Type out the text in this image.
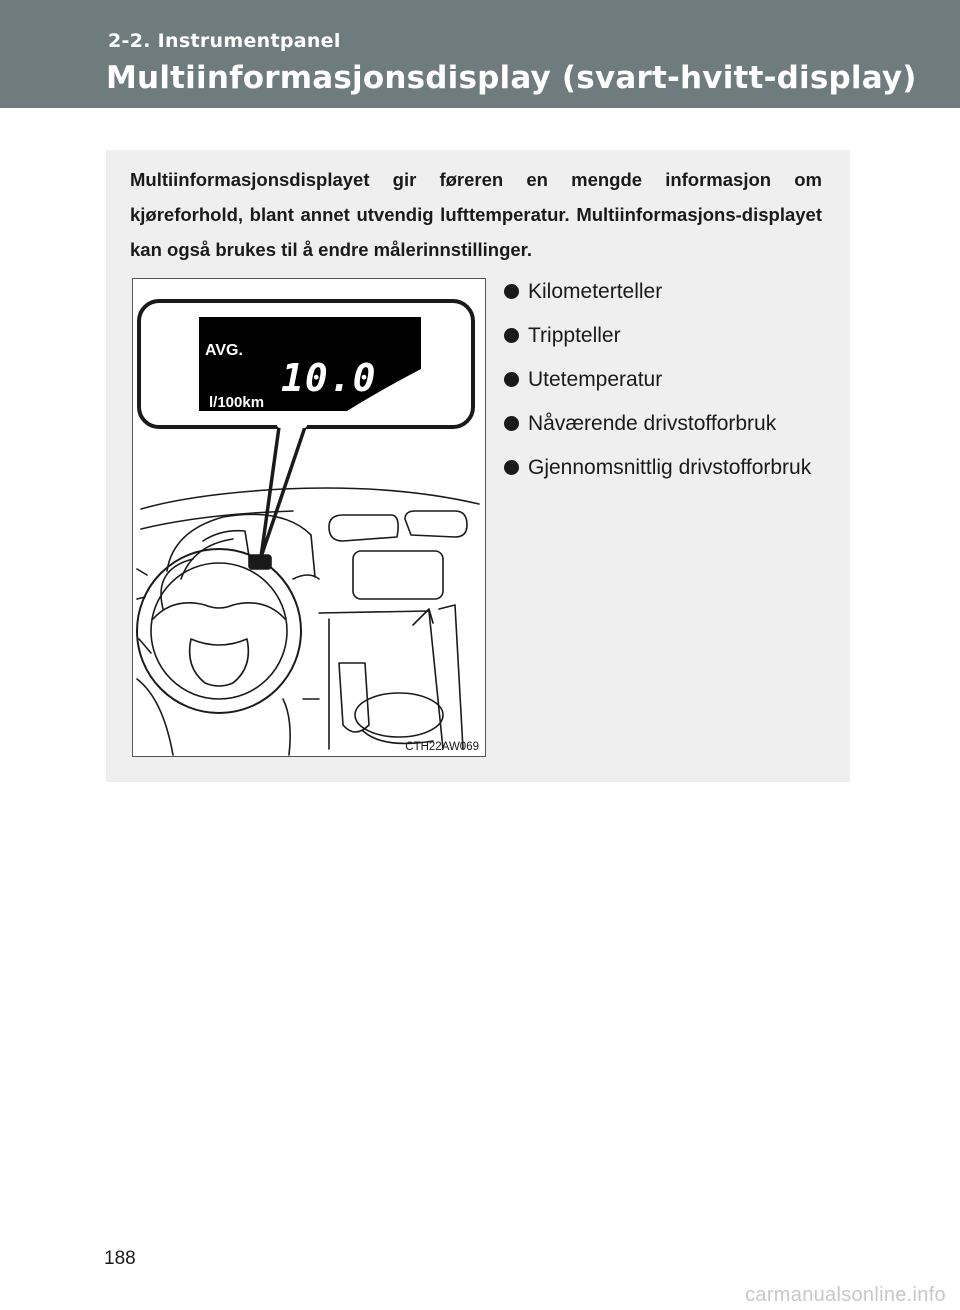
2-2. Instrumentpanel
Multiinformasjonsdisplay (svart-hvitt-display)
Multiinformasjonsdisplayet gir føreren en mengde informasjon om kjøreforhold, blant annet utvendig lufttemperatur. Multiinformasjons-displayet kan også brukes til å endre målerinnstillinger.
AVG.
10.0
l/100km
CTH22AW069
Kilometerteller
Trippteller
Utetemperatur
Nåværende drivstofforbruk
Gjennomsnittlig drivstofforbruk
188
carmanualsonline.info
